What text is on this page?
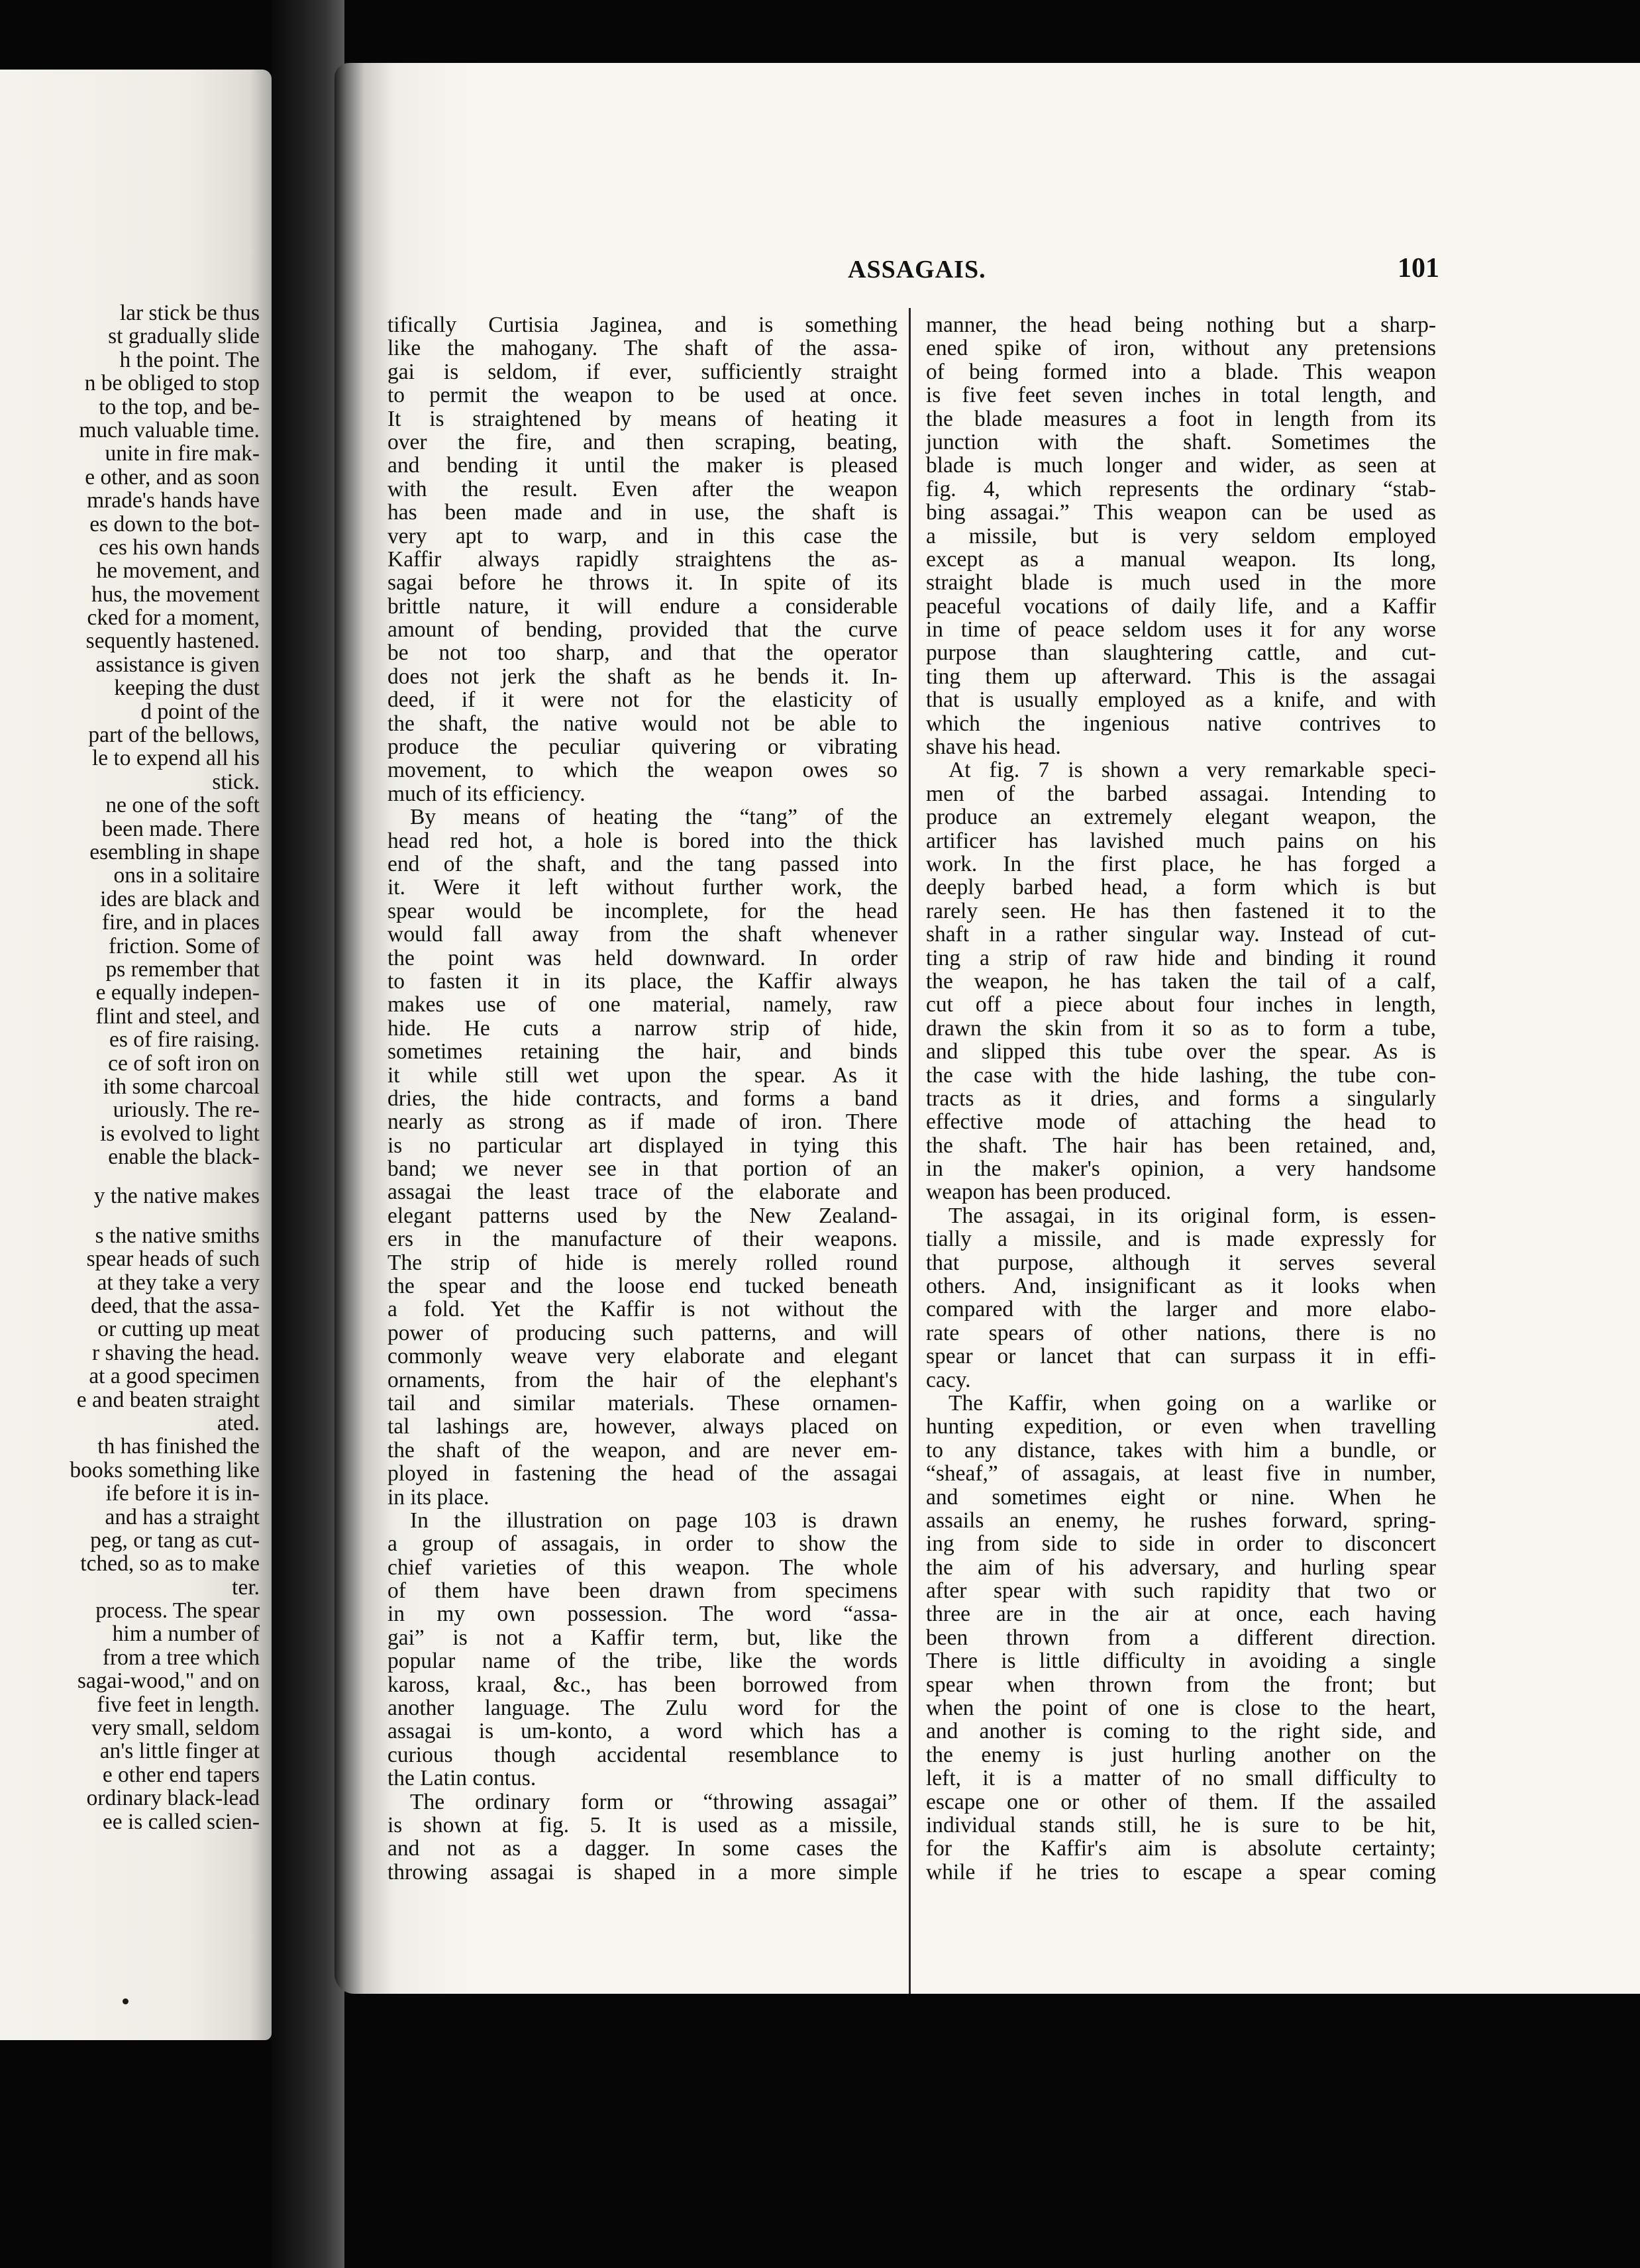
lar stick be thus
st gradually slide
h the point. The
n be obliged to stop
to the top, and be-
much valuable time.
unite in fire mak-
e other, and as soon
mrade's hands have
es down to the bot-
ces his own hands
he movement, and
hus, the movement
cked for a moment,
sequently hastened.
assistance is given
keeping the dust
d point of the
part of the bellows,
le to expend all his
stick.
ne one of the soft
been made. There
esembling in shape
ons in a solitaire
ides are black and
fire, and in places
friction. Some of
ps remember that
e equally indepen-
flint and steel, and
es of fire raising.
ce of soft iron on
ith some charcoal
uriously. The re-
is evolved to light
enable the black-
y the native makes
s the native smiths
spear heads of such
at they take a very
deed, that the assa-
or cutting up meat
r shaving the head.
at a good specimen
e and beaten straight
ated.
th has finished the
books something like
ife before it is in-
and has a straight
peg, or tang as cut-
tched, so as to make
ter.
process. The spear
him a number of
from a tree which
sagai-wood," and on
five feet in length.
very small, seldom
an's little finger at
e other end tapers
ordinary black-lead
ee is called scien-
ASSAGAIS.	101
tifically Curtisia Jaginea, and is something
like the mahogany. The shaft of the assa-
gai is seldom, if ever, sufficiently straight
to permit the weapon to be used at once.
It is straightened by means of heating it
over the fire, and then scraping, beating,
and bending it until the maker is pleased
with the result. Even after the weapon
has been made and in use, the shaft is
very apt to warp, and in this case the
Kaffir always rapidly straightens the as-
sagai before he throws it. In spite of its
brittle nature, it will endure a considerable
amount of bending, provided that the curve
be not too sharp, and that the operator
does not jerk the shaft as he bends it. In-
deed, if it were not for the elasticity of
the shaft, the native would not be able to
produce the peculiar quivering or vibrating
movement, to which the weapon owes so
much of its efficiency.
By means of heating the “tang” of the
head red hot, a hole is bored into the thick
end of the shaft, and the tang passed into
it. Were it left without further work, the
spear would be incomplete, for the head
would fall away from the shaft whenever
the point was held downward. In order
to fasten it in its place, the Kaffir always
makes use of one material, namely, raw
hide. He cuts a narrow strip of hide,
sometimes retaining the hair, and binds
it while still wet upon the spear. As it
dries, the hide contracts, and forms a band
nearly as strong as if made of iron. There
is no particular art displayed in tying this
band; we never see in that portion of an
assagai the least trace of the elaborate and
elegant patterns used by the New Zealand-
ers in the manufacture of their weapons.
The strip of hide is merely rolled round
the spear and the loose end tucked beneath
a fold. Yet the Kaffir is not without the
power of producing such patterns, and will
commonly weave very elaborate and elegant
ornaments, from the hair of the elephant's
tail and similar materials. These ornamen-
tal lashings are, however, always placed on
the shaft of the weapon, and are never em-
ployed in fastening the head of the assagai
in its place.
In the illustration on page 103 is drawn
a group of assagais, in order to show the
chief varieties of this weapon. The whole
of them have been drawn from specimens
in my own possession. The word “assa-
gai” is not a Kaffir term, but, like the
popular name of the tribe, like the words
kaross, kraal, &c., has been borrowed from
another language. The Zulu word for the
assagai is um-konto, a word which has a
curious though accidental resemblance to
the Latin contus.
The ordinary form or “throwing assagai”
is shown at fig. 5. It is used as a missile,
and not as a dagger. In some cases the
throwing assagai is shaped in a more simple
manner, the head being nothing but a sharp-
ened spike of iron, without any pretensions
of being formed into a blade. This weapon
is five feet seven inches in total length, and
the blade measures a foot in length from its
junction with the shaft. Sometimes the
blade is much longer and wider, as seen at
fig. 4, which represents the ordinary “stab-
bing assagai.” This weapon can be used as
a missile, but is very seldom employed
except as a manual weapon. Its long,
straight blade is much used in the more
peaceful vocations of daily life, and a Kaffir
in time of peace seldom uses it for any worse
purpose than slaughtering cattle, and cut-
ting them up afterward. This is the assagai
that is usually employed as a knife, and with
which the ingenious native contrives to
shave his head.
At fig. 7 is shown a very remarkable speci-
men of the barbed assagai. Intending to
produce an extremely elegant weapon, the
artificer has lavished much pains on his
work. In the first place, he has forged a
deeply barbed head, a form which is but
rarely seen. He has then fastened it to the
shaft in a rather singular way. Instead of cut-
ting a strip of raw hide and binding it round
the weapon, he has taken the tail of a calf,
cut off a piece about four inches in length,
drawn the skin from it so as to form a tube,
and slipped this tube over the spear. As is
the case with the hide lashing, the tube con-
tracts as it dries, and forms a singularly
effective mode of attaching the head to
the shaft. The hair has been retained, and,
in the maker's opinion, a very handsome
weapon has been produced.
The assagai, in its original form, is essen-
tially a missile, and is made expressly for
that purpose, although it serves several
others. And, insignificant as it looks when
compared with the larger and more elabo-
rate spears of other nations, there is no
spear or lancet that can surpass it in effi-
cacy.
The Kaffir, when going on a warlike or
hunting expedition, or even when travelling
to any distance, takes with him a bundle, or
“sheaf,” of assagais, at least five in number,
and sometimes eight or nine. When he
assails an enemy, he rushes forward, spring-
ing from side to side in order to disconcert
the aim of his adversary, and hurling spear
after spear with such rapidity that two or
three are in the air at once, each having
been thrown from a different direction.
There is little difficulty in avoiding a single
spear when thrown from the front; but
when the point of one is close to the heart,
and another is coming to the right side, and
the enemy is just hurling another on the
left, it is a matter of no small difficulty to
escape one or other of them. If the assailed
individual stands still, he is sure to be hit,
for the Kaffir's aim is absolute certainty;
while if he tries to escape a spear coming
